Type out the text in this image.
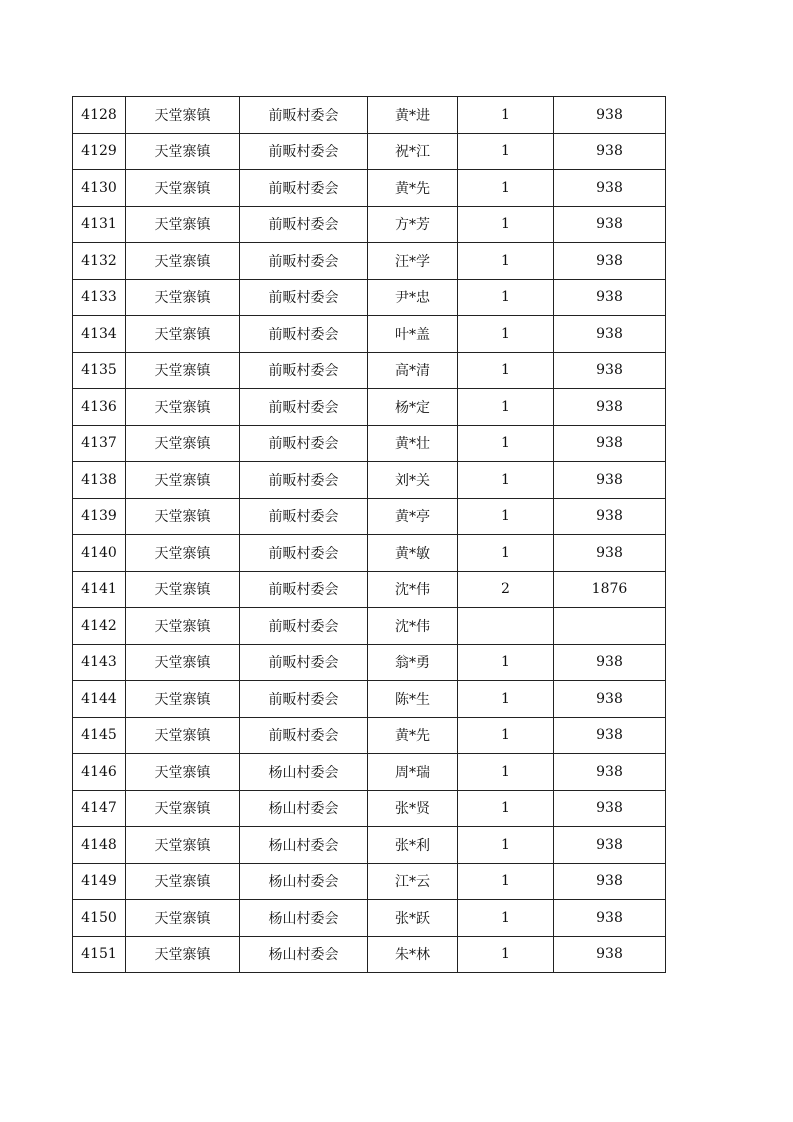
4128	天堂寨镇	前畈村委会	黄*进	1	938
4129	天堂寨镇	前畈村委会	祝*江	1	938
4130	天堂寨镇	前畈村委会	黄*先	1	938
4131	天堂寨镇	前畈村委会	方*芳	1	938
4132	天堂寨镇	前畈村委会	汪*学	1	938
4133	天堂寨镇	前畈村委会	尹*忠	1	938
4134	天堂寨镇	前畈村委会	叶*盖	1	938
4135	天堂寨镇	前畈村委会	高*清	1	938
4136	天堂寨镇	前畈村委会	杨*定	1	938
4137	天堂寨镇	前畈村委会	黄*壮	1	938
4138	天堂寨镇	前畈村委会	刘*关	1	938
4139	天堂寨镇	前畈村委会	黄*亭	1	938
4140	天堂寨镇	前畈村委会	黄*敏	1	938
4141	天堂寨镇	前畈村委会	沈*伟	2	1876
4142	天堂寨镇	前畈村委会	沈*伟		
4143	天堂寨镇	前畈村委会	翁*勇	1	938
4144	天堂寨镇	前畈村委会	陈*生	1	938
4145	天堂寨镇	前畈村委会	黄*先	1	938
4146	天堂寨镇	杨山村委会	周*瑞	1	938
4147	天堂寨镇	杨山村委会	张*贤	1	938
4148	天堂寨镇	杨山村委会	张*利	1	938
4149	天堂寨镇	杨山村委会	江*云	1	938
4150	天堂寨镇	杨山村委会	张*跃	1	938
4151	天堂寨镇	杨山村委会	朱*林	1	938
